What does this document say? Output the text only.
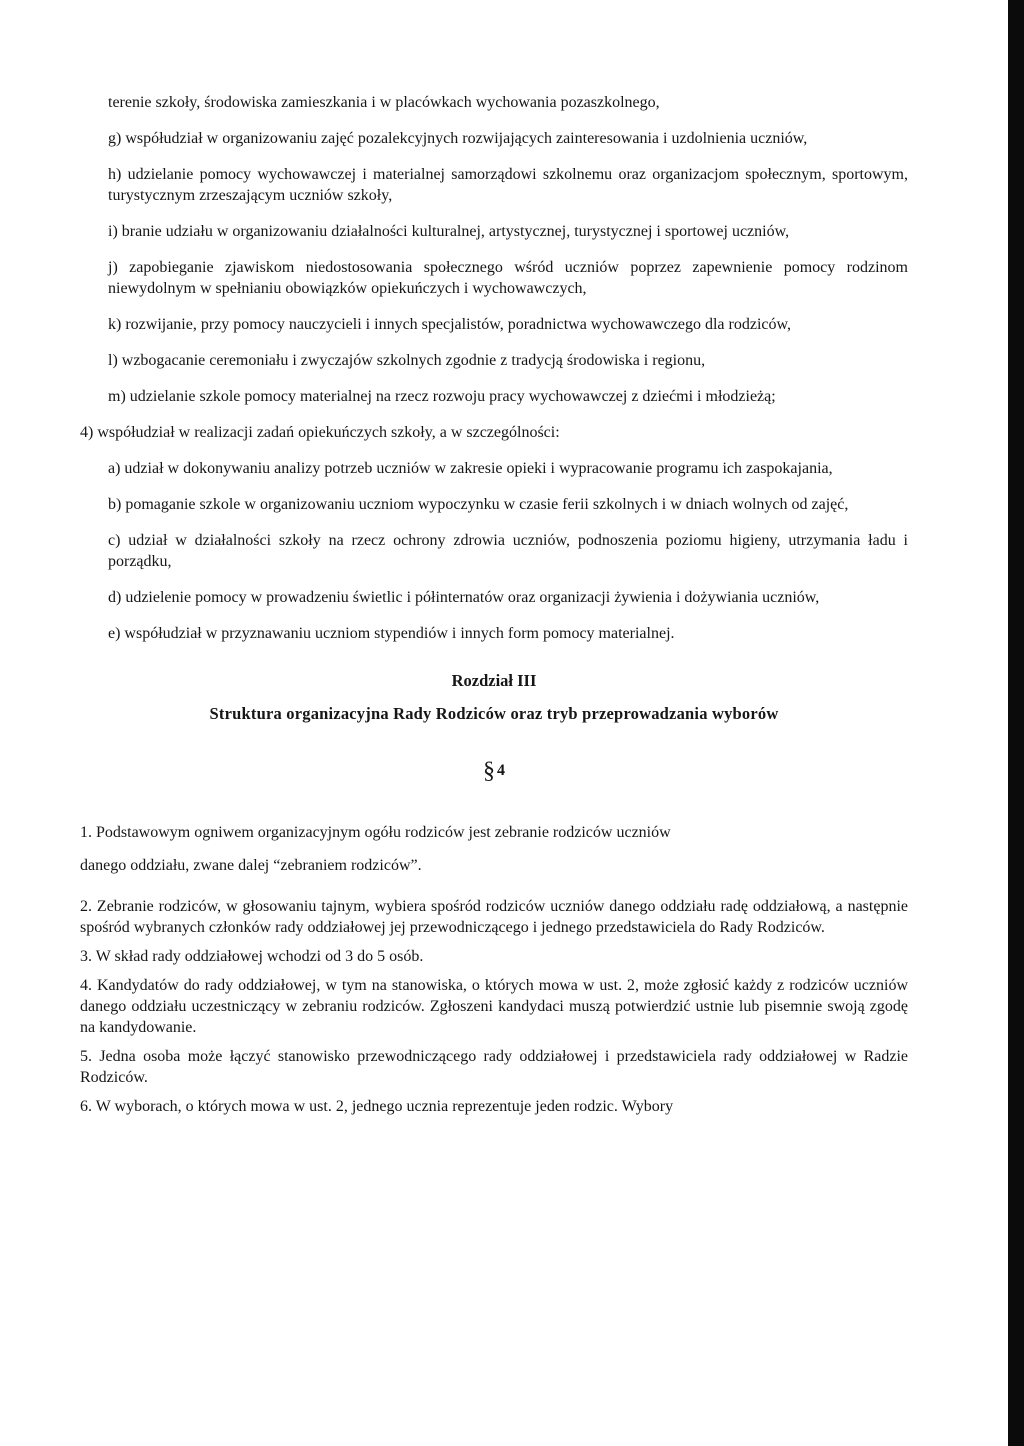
terenie szkoły, środowiska zamieszkania i w placówkach wychowania pozaszkolnego,

g) współudział w organizowaniu zajęć pozalekcyjnych rozwijających zainteresowania i uzdolnienia uczniów,

h) udzielanie pomocy wychowawczej i materialnej samorządowi szkolnemu oraz organizacjom społecznym, sportowym, turystycznym zrzeszającym uczniów szkoły,

i) branie udziału w organizowaniu działalności kulturalnej, artystycznej, turystycznej i sportowej uczniów,

j) zapobieganie zjawiskom niedostosowania społecznego wśród uczniów poprzez zapewnienie pomocy rodzinom niewydolnym w spełnianiu obowiązków opiekuńczych i wychowawczych,

k) rozwijanie, przy pomocy nauczycieli i innych specjalistów, poradnictwa wychowawczego dla rodziców,

l) wzbogacanie ceremoniału i zwyczajów szkolnych zgodnie z tradycją środowiska i regionu,

m) udzielanie szkole pomocy materialnej na rzecz rozwoju pracy wychowawczej z dziećmi i młodzieżą;

4) współudział w realizacji zadań opiekuńczych szkoły, a w szczególności:

a) udział w dokonywaniu analizy potrzeb uczniów w zakresie opieki i wypracowanie programu ich zaspokajania,

b) pomaganie szkole w organizowaniu uczniom wypoczynku w czasie ferii szkolnych i w dniach wolnych od zajęć,

c) udział w działalności szkoły na rzecz ochrony zdrowia uczniów, podnoszenia poziomu higieny, utrzymania ładu i porządku,

d) udzielenie pomocy w prowadzeniu świetlic i półinternatów oraz organizacji żywienia i dożywiania uczniów,

e) współudział w przyznawaniu uczniom stypendiów i innych form pomocy materialnej.

Rozdział III

Struktura organizacyjna Rady Rodziców oraz tryb przeprowadzania wyborów

§ 4

1. Podstawowym ogniwem organizacyjnym ogółu rodziców jest zebranie rodziców uczniów

danego oddziału, zwane dalej “zebraniem rodziców”.

2. Zebranie rodziców, w głosowaniu tajnym, wybiera spośród rodziców uczniów danego oddziału radę oddziałową, a następnie spośród wybranych członków rady oddziałowej jej przewodniczącego i jednego przedstawiciela do Rady Rodziców.

3. W skład rady oddziałowej wchodzi od 3 do 5 osób.

4. Kandydatów do rady oddziałowej, w tym na stanowiska, o których mowa w ust. 2, może zgłosić każdy z rodziców uczniów danego oddziału uczestniczący w zebraniu rodziców. Zgłoszeni kandydaci muszą potwierdzić ustnie lub pisemnie swoją zgodę na kandydowanie.

5. Jedna osoba może łączyć stanowisko przewodniczącego rady oddziałowej i przedstawiciela rady oddziałowej w Radzie Rodziców.

6. W wyborach, o których mowa w ust. 2, jednego ucznia reprezentuje jeden rodzic. Wybory
